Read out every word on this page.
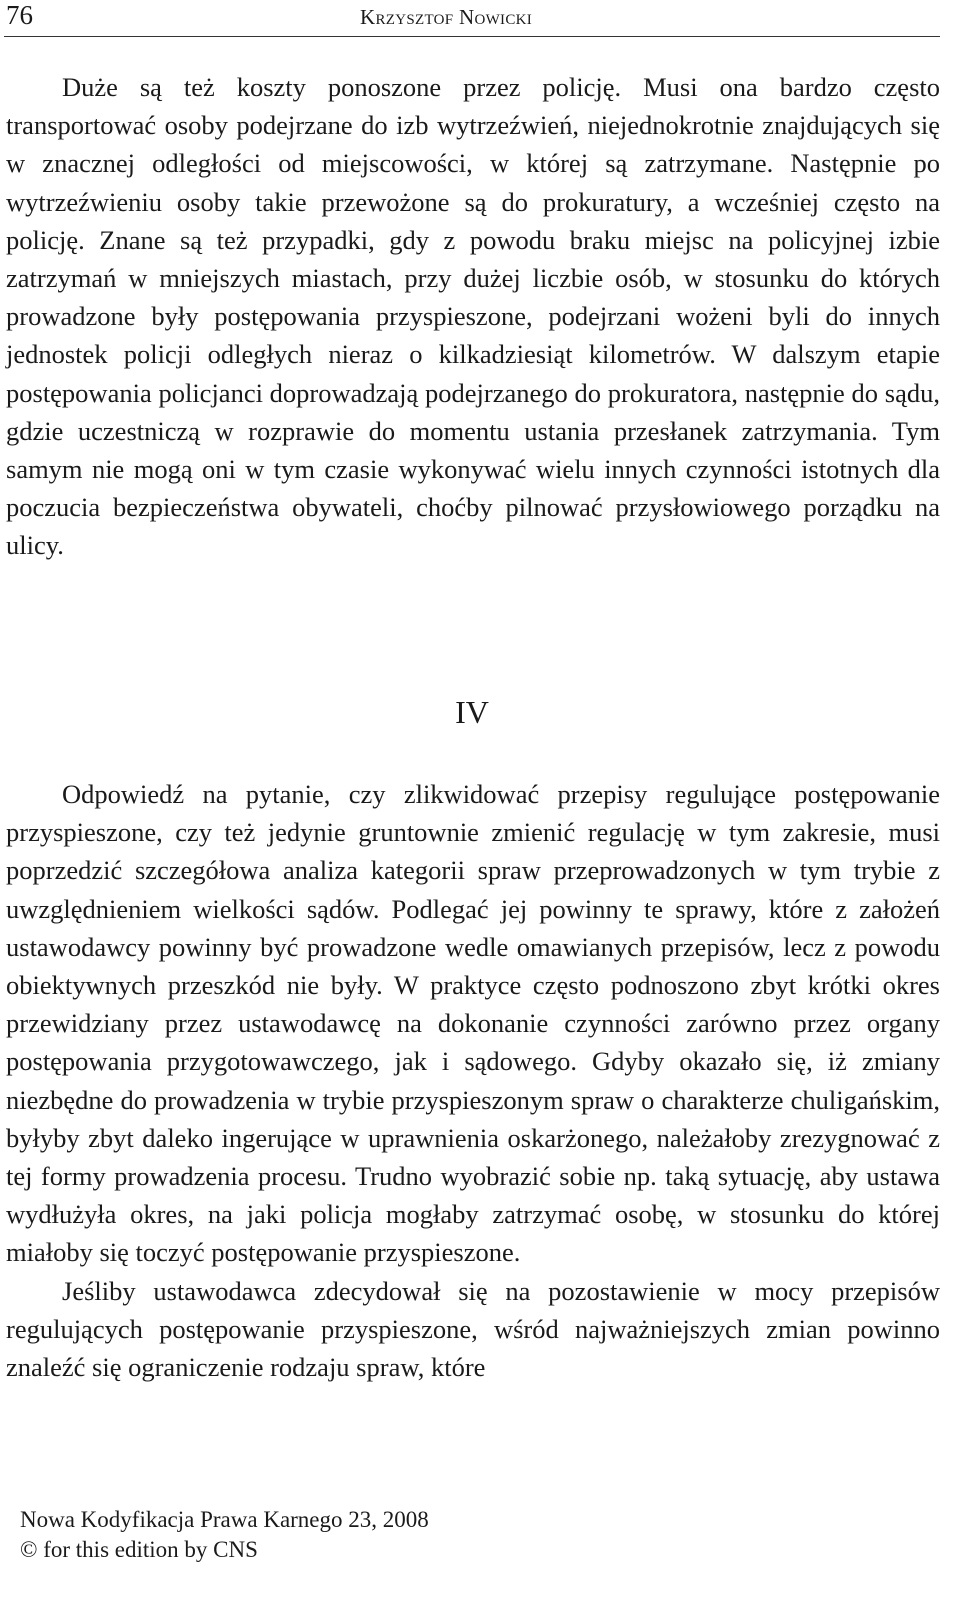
76	Krzysztof Nowicki

Duże są też koszty ponoszone przez policję. Musi ona bardzo często transportować osoby podejrzane do izb wytrzeźwień, niejednokrotnie znajdujących się w znacznej odległości od miejscowości, w której są zatrzymane. Następnie po wytrzeźwieniu osoby takie przewożone są do prokuratury, a wcześniej często na policję. Znane są też przypadki, gdy z powodu braku miejsc na policyjnej izbie zatrzymań w mniejszych miastach, przy dużej liczbie osób, w stosunku do których prowadzone były postępowania przyspieszone, podejrzani wożeni byli do innych jednostek policji odległych nieraz o kilkadziesiąt kilometrów. W dalszym etapie postępowania policjanci doprowadzają podejrzanego do prokuratora, następnie do sądu, gdzie uczestniczą w rozprawie do momentu ustania przesłanek zatrzymania. Tym samym nie mogą oni w tym czasie wykonywać wielu innych czynności istotnych dla poczucia bezpieczeństwa obywateli, choćby pilnować przysłowiowego porządku na ulicy.

IV

Odpowiedź na pytanie, czy zlikwidować przepisy regulujące postępowanie przyspieszone, czy też jedynie gruntownie zmienić regulację w tym zakresie, musi poprzedzić szczegółowa analiza kategorii spraw przeprowadzonych w tym trybie z uwzględnieniem wielkości sądów. Podlegać jej powinny te sprawy, które z założeń ustawodawcy powinny być prowadzone wedle omawianych przepisów, lecz z powodu obiektywnych przeszkód nie były. W praktyce często podnoszono zbyt krótki okres przewidziany przez ustawodawcę na dokonanie czynności zarówno przez organy postępowania przygotowawczego, jak i sądowego. Gdyby okazało się, iż zmiany niezbędne do prowadzenia w trybie przyspieszonym spraw o charakterze chuligańskim, byłyby zbyt daleko ingerujące w uprawnienia oskarżonego, należałoby zrezygnować z tej formy prowadzenia procesu. Trudno wyobrazić sobie np. taką sytuację, aby ustawa wydłużyła okres, na jaki policja mogłaby zatrzymać osobę, w stosunku do której miałoby się toczyć postępowanie przyspieszone.

Jeśliby ustawodawca zdecydował się na pozostawienie w mocy przepisów regulujących postępowanie przyspieszone, wśród najważniejszych zmian powinno znaleźć się ograniczenie rodzaju spraw, które

Nowa Kodyfikacja Prawa Karnego 23, 2008
© for this edition by CNS
